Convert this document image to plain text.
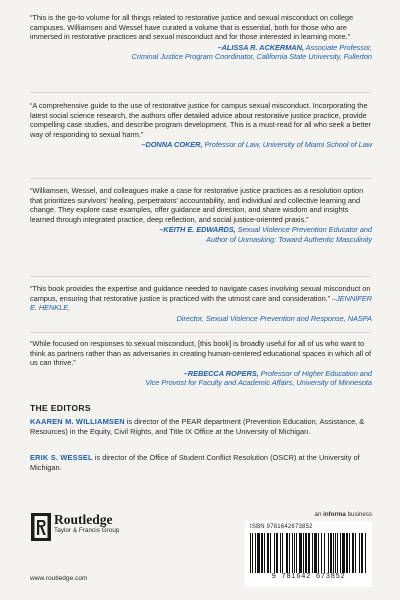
“This is the go-to volume for all things related to restorative justice and sexual misconduct on college campuses. Williamsen and Wessel have curated a volume that is essential, both for those who are immersed in restorative practices and sexual misconduct and for those interested in learning more.”

–ALISSA R. ACKERMAN, Associate Professor,
Criminal Justice Program Coordinator, California State University, Fullerton

“A comprehensive guide to the use of restorative justice for campus sexual misconduct. Incorporating the latest social science research, the authors offer detailed advice about restorative justice practice, provide compelling case studies, and describe program development. This is a must-read for all who seek a better way of responding to sexual harm.”

–DONNA COKER, Professor of Law, University of Miami School of Law

“Williamsen, Wessel, and colleagues make a case for restorative justice practices as a resolution option that prioritizes survivors' healing, perpetrators' accountability, and individual and collective learning and change. They explore case examples, offer guidance and direction, and share wisdom and insights learned through integrated practice, deep reflection, and social justice-oriented praxis.”

–KEITH E. EDWARDS, Sexual Violence Prevention Educator and
Author of Unmasking: Toward Authentic Masculinity

“This book provides the expertise and guidance needed to navigate cases involving sexual misconduct on campus, ensuring that restorative justice is practiced with the utmost care and consideration.” –JENNIFER E. HENKLE,

Director, Sexual Violence Prevention and Response, NASPA

“While focused on responses to sexual misconduct, [this book] is broadly useful for all of us who want to think as partners rather than as adversaries in creating human-centered educational spaces in which all of us can thrive.”

–REBECCA ROPERS, Professor of Higher Education and
Vice Provost for Faculty and Academic Affairs, University of Minnesota

THE EDITORS
KAAREN M. WILLIAMSEN is director of the PEAR department (Prevention Education, Assistance, & Resources) in the Equity, Civil Rights, and Title IX Office at the University of Michigan.
ERIK S. WESSEL is director of the Office of Student Conflict Resolution (OSCR) at the University of Michigan.
Routledge
Taylor & Francis Group
www.routledge.com
an informa business
ISBN 9781642673852
9 781642 673852
